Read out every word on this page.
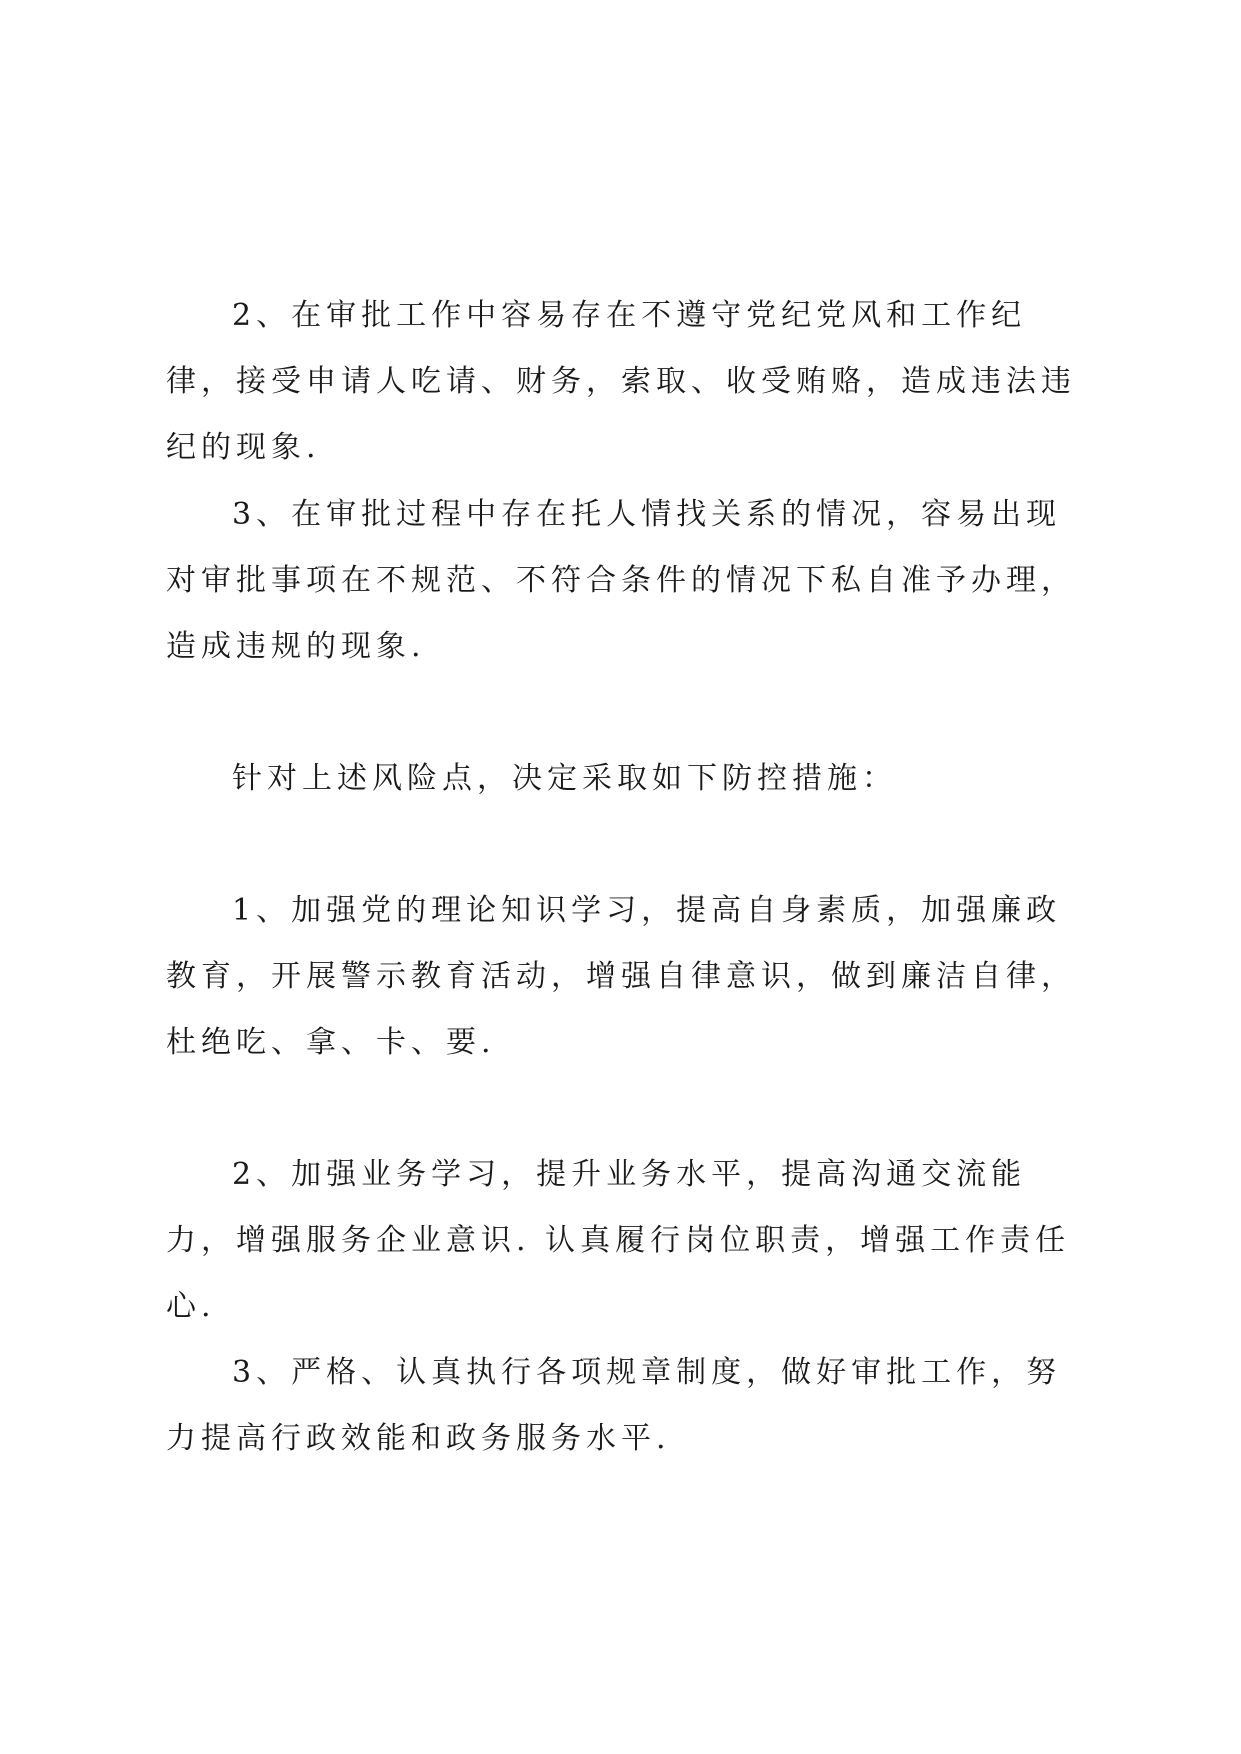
2、在审批工作中容易存在不遵守党纪党风和工作纪律，接受申请人吃请、财务，索取、收受贿赂，造成违法违纪的现象.

3、在审批过程中存在托人情找关系的情况，容易出现对审批事项在不规范、不符合条件的情况下私自准予办理，造成违规的现象.

针对上述风险点，决定采取如下防控措施：

1、加强党的理论知识学习，提高自身素质，加强廉政教育，开展警示教育活动，增强自律意识，做到廉洁自律，杜绝吃、拿、卡、要.

2、加强业务学习，提升业务水平，提高沟通交流能力，增强服务企业意识. 认真履行岗位职责，增强工作责任心.

3、严格、认真执行各项规章制度，做好审批工作，努力提高行政效能和政务服务水平.
